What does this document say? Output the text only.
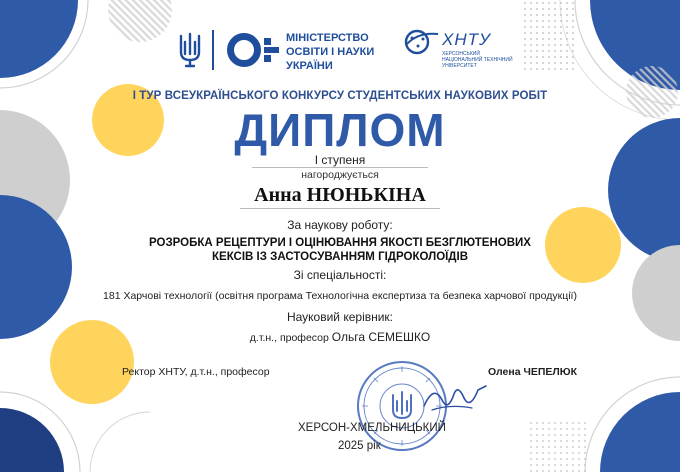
МІНІСТЕРСТВО
ОСВІТИ І НАУКИ
УКРАЇНИ
ХНТУ
ХЕРСОНСЬКИЙ
НАЦІОНАЛЬНИЙ ТЕХНІЧНИЙ
УНІВЕРСИТЕТ
І ТУР ВСЕУКРАЇНСЬКОГО КОНКУРСУ СТУДЕНТСЬКИХ НАУКОВИХ РОБІТ
ДИПЛОМ
І ступеня
нагороджується
Анна НЮНЬКІНА
За наукову роботу:
РОЗРОБКА РЕЦЕПТУРИ І ОЦІНЮВАННЯ ЯКОСТІ БЕЗГЛЮТЕНОВИХ
КЕКСІВ ІЗ ЗАСТОСУВАННЯМ ГІДРОКОЛОЇДІВ
Зі спеціальності:
181 Харчові технології (освітня програма Технологічна експертиза та безпека харчової продукції)
Науковий керівник:
д.т.н., професор Ольга СЕМЕШКО
Ректор ХНТУ, д.т.н., професор	Олена ЧЕПЕЛЮК
ХЕРСОН-ХМЕЛЬНИЦЬКИЙ
2025 рік
